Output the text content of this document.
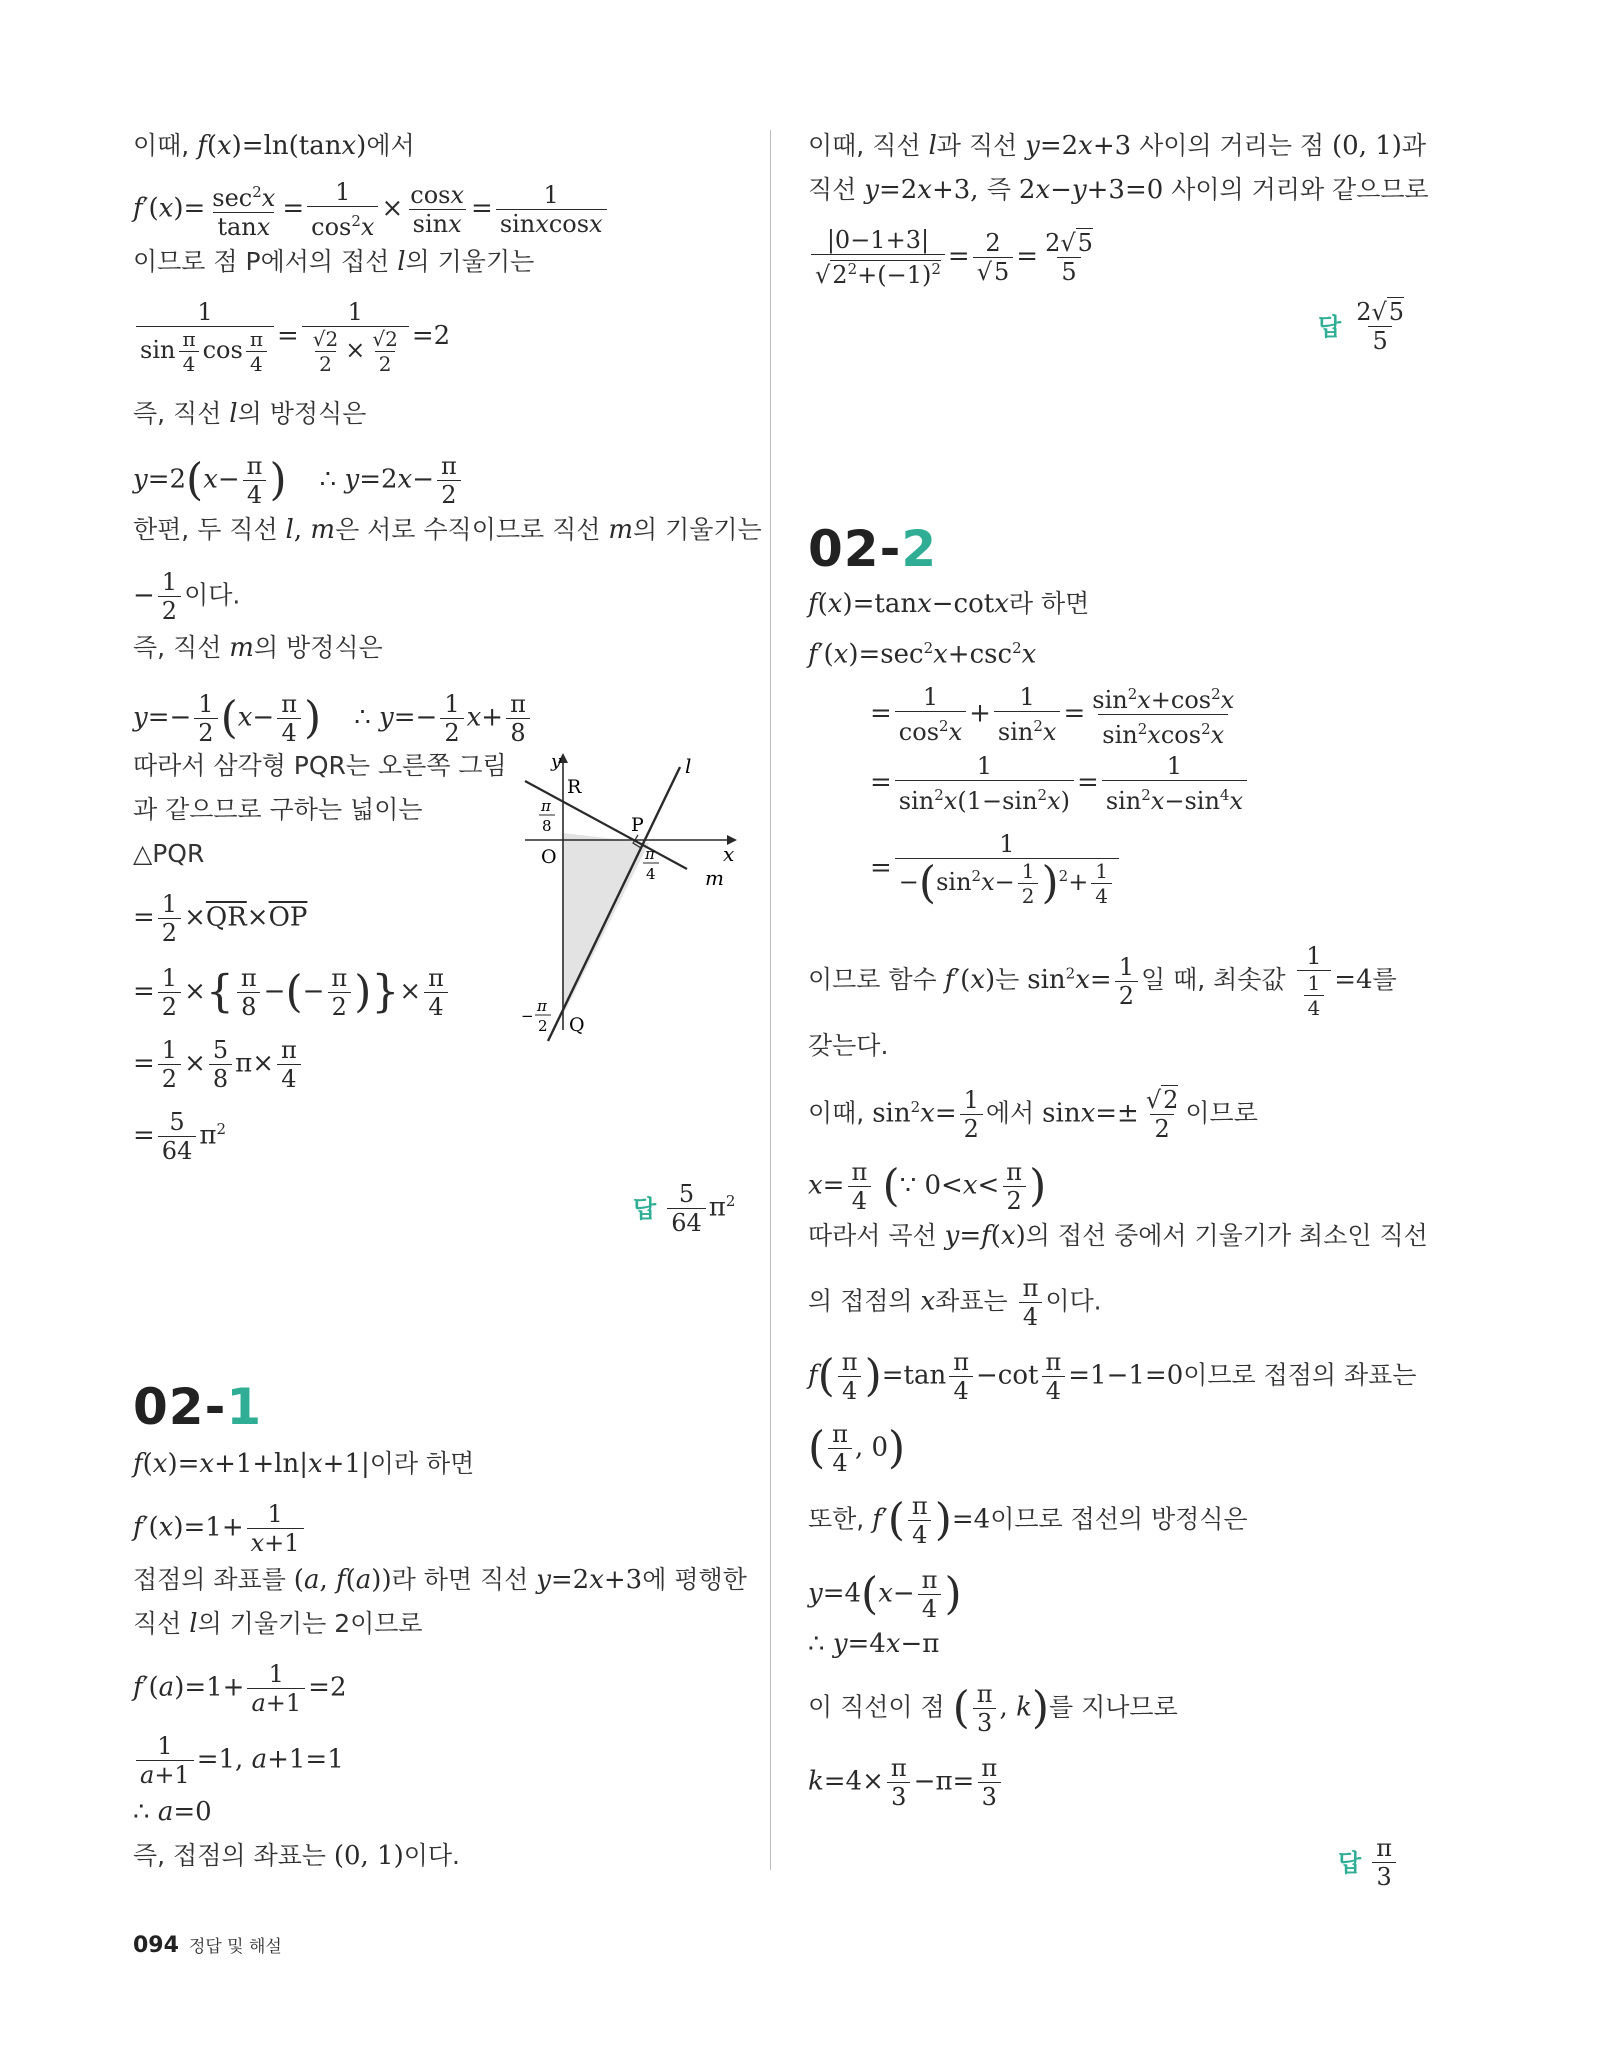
이때, f(x)=ln(tanx)에서
$f'(x)= \frac{\sec^2x}{\tan x} = \frac{1}{\cos^2x} \times \frac{\cos x}{\sin x} = \frac{1}{\text{sinxcosx}}$
이므로 점 P에서의 접선 l의 기울기는
$\frac{1}{\sin \frac{\pi}{4} \cos \frac{\pi}{4}} = \frac{1}{\frac{√2}{2} \times \frac{√2}{2}} =2$
즉, 직선 l의 방정식은
$y=2(x- \frac{\pi}{4}$ )    ∴ $y=2x- \frac{\pi}{2}$
한편, 두 직선 l, m은 서로 수직이므로 직선 m의 기울기는
− $\frac{1}{2}$ 이다.
즉, 직선 m의 방정식은
$y=- \frac{1}{2} (x- \frac{\pi}{4}$ )    ∴ $y=- \frac{1}{2} x+ \frac{\pi}{8}$
따라서 삼각형 PQR는 오른쪽 그림
과 같으므로 구하는 넓이는
△PQR
= $\frac{1}{2} \times\overline{QR}\times\overline{OP}$
= $\frac{1}{2}$ ×{ $\frac{\pi}{8}$ −(− $\frac{\pi}{2}$ )}× $\frac{\pi}{4}$
= $\frac{1}{2} \times \frac{5}{8} \pi\times \frac{\pi}{4}$
= $\frac{5}{64} \pi^2$
답 $\frac{5}{64} \pi^2$
02-1
f(x)=x+1+ln|x+1|이라 하면
$f'(x)=1+ \frac{1}{x+1}$
접점의 좌표를 (a, f(a))라 하면 직선 y=2x+3에 평행한
직선 l의 기울기는 2이므로
$f'(a)=1+ \frac{1}{a+1} =2$
$\frac{1}{a+1} =1$, a+1=1
∴ a=0
즉, 접점의 좌표는 (0, 1)이다.
y
x
l
m
R
P
O
Q
π
8
π
4
−
π
2
이때, 직선 l과 직선 y=2x+3 사이의 거리는 점 (0, 1)과
직선 y=2x+3, 즉 2x−y+3=0 사이의 거리와 같으므로
$\frac{|0-1+3|}{√2^2+(-1)^2} = \frac{2}{√5} = \frac{2√5}{5}$
답 $\frac{2√5}{5}$
02-2
f(x)=tanx−cotx라 하면
$f'(x)=\sec^2x+\csc^2x$
= $\frac{1}{\cos^2x} + \frac{1}{\sin^2x} = \frac{\sin^2x+\cos^2x}{\sin^2xcos^2x}$
= $\frac{1}{\sin^2x(1-\sin^2x)} = \frac{1}{\sin^2x-\sin^4x}$
= $\frac{1}{-(\sin^2x- \frac{1}{2} )^2+ \frac{1}{4}}$
이므로 함수 f′(x)는 $\sin^2x= \frac{1}{2}$ 일 때, 최솟값 $\frac{1}{\frac{1}{4}} =4$를
갖는다.
이때, $\sin^2x= \frac{1}{2}$ 에서 $\sin x=\pm \frac{√2}{2}$ 이므로
$x= \frac{\pi}{4}$ (∵ $0<x< \frac{\pi}{2}$ )
따라서 곡선 y=f(x)의 접선 중에서 기울기가 최소인 직선
의 접점의 x좌표는 $\frac{\pi}{4}$ 이다.
$f( \frac{\pi}{4} )=\tan \frac{\pi}{4} -\cot \frac{\pi}{4} =1-1=0$이므로 접점의 좌표는
( $\frac{\pi}{4}$ , 0)
또한, $f'( \frac{\pi}{4} )=4$이므로 접선의 방정식은
$y=4(x- \frac{\pi}{4}$ )
∴ y=4x−π
이 직선이 점 ( $\frac{\pi}{3}$ , k)를 지나므로
$k=4\times \frac{\pi}{3} -\pi= \frac{\pi}{3}$
답 $\frac{\pi}{3}$
094 정답 및 해설
